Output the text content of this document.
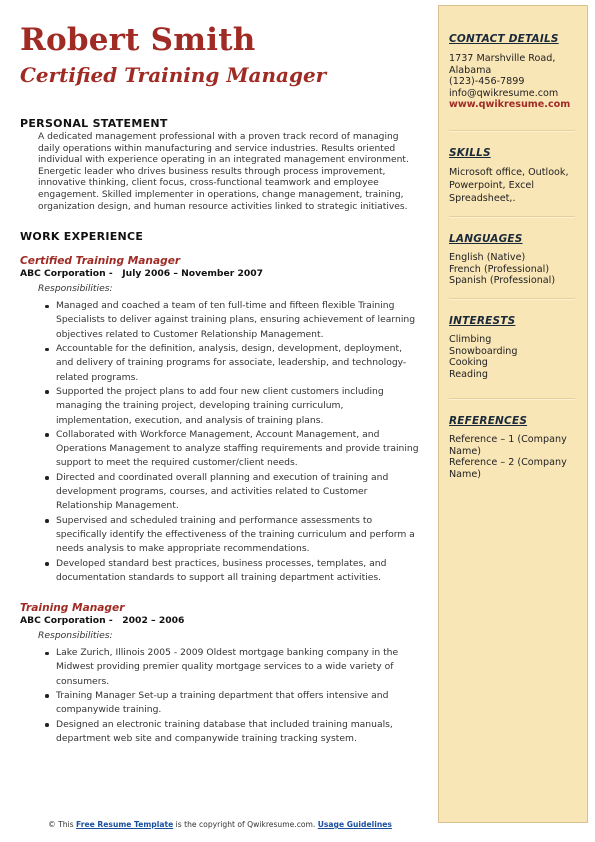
Robert Smith
Certified Training Manager
PERSONAL STATEMENT
A dedicated management professional with a proven track record of managing daily operations within manufacturing and service industries. Results oriented individual with experience operating in an integrated management environment. Energetic leader who drives business results through process improvement, innovative thinking, client focus, cross-functional teamwork and employee engagement. Skilled implementer in operations, change management, training, organization design, and human resource activities linked to strategic initiatives.
WORK EXPERIENCE
Certified Training Manager
ABC Corporation -   July 2006 – November 2007
Responsibilities:
Managed and coached a team of ten full-time and fifteen flexible Training Specialists to deliver against training plans, ensuring achievement of learning objectives related to Customer Relationship Management.
Accountable for the definition, analysis, design, development, deployment, and delivery of training programs for associate, leadership, and technology-related programs.
Supported the project plans to add four new client customers including managing the training project, developing training curriculum, implementation, execution, and analysis of training plans.
Collaborated with Workforce Management, Account Management, and Operations Management to analyze staffing requirements and provide training support to meet the required customer/client needs.
Directed and coordinated overall planning and execution of training and development programs, courses, and activities related to Customer Relationship Management.
Supervised and scheduled training and performance assessments to specifically identify the effectiveness of the training curriculum and perform a needs analysis to make appropriate recommendations.
Developed standard best practices, business processes, templates, and documentation standards to support all training department activities.
Training Manager
ABC Corporation -   2002 – 2006
Responsibilities:
Lake Zurich, Illinois 2005 - 2009 Oldest mortgage banking company in the Midwest providing premier quality mortgage services to a wide variety of consumers.
Training Manager Set-up a training department that offers intensive and companywide training.
Designed an electronic training database that included training manuals, department web site and companywide training tracking system.
CONTACT DETAILS
1737 Marshville Road, Alabama
(123)-456-7899
info@qwikresume.com
www.qwikresume.com
SKILLS
Microsoft office, Outlook, Powerpoint, Excel Spreadsheet,.
LANGUAGES
English (Native)
French (Professional)
Spanish (Professional)
INTERESTS
Climbing
Snowboarding
Cooking
Reading
REFERENCES
Reference – 1 (Company Name)
Reference – 2 (Company Name)
© This Free Resume Template is the copyright of Qwikresume.com. Usage Guidelines
